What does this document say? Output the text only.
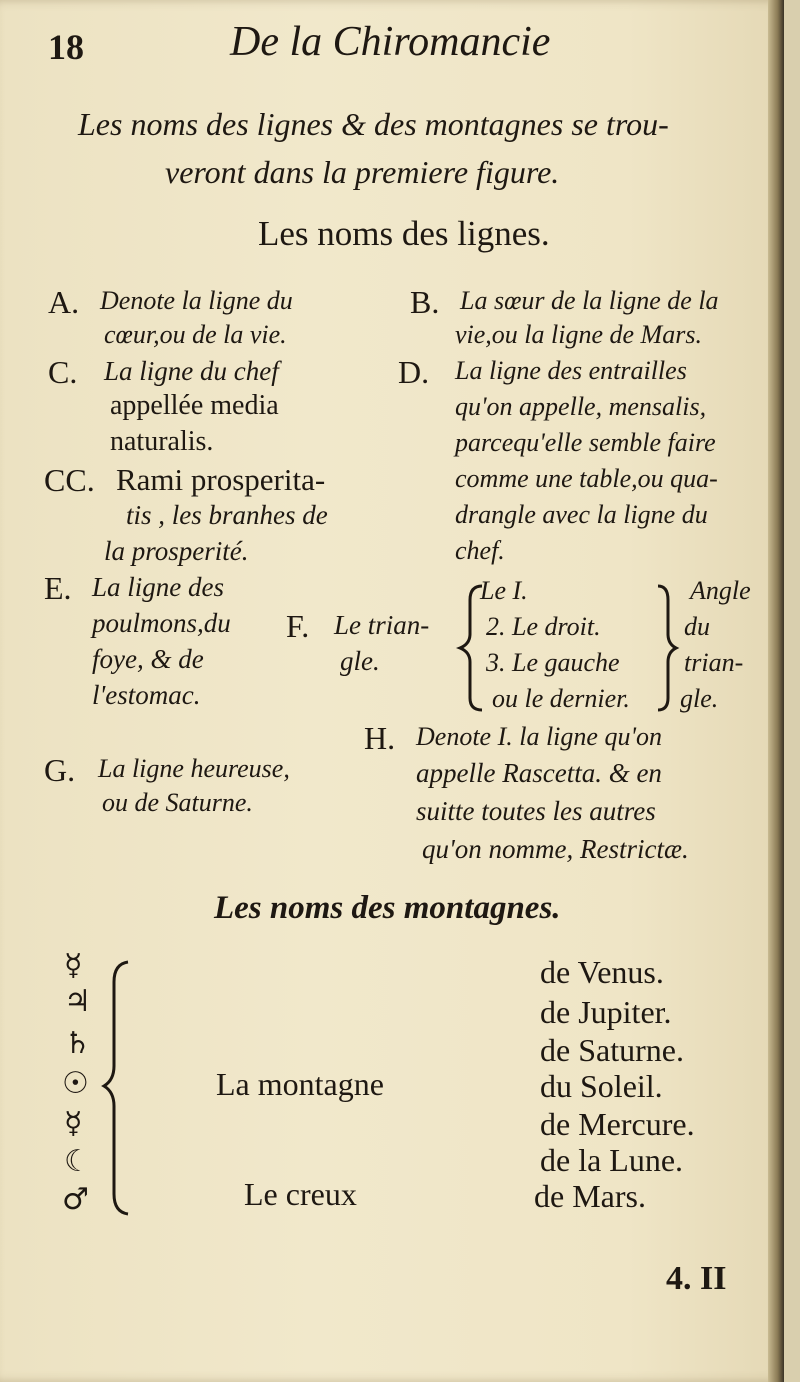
18	De la Chiromancie
Les noms des lignes & des montagnes se trou-
veront dans la premiere figure.
Les noms des lignes.
A. Denote la ligne du
cœur,ou de la vie.
B. La sœur de la ligne de la
vie,ou la ligne de Mars.
C. La ligne du chef
appellée media
naturalis.
D. La ligne des entrailles
qu'on appelle, mensalis,
parcequ'elle semble faire
comme une table,ou qua-
drangle avec la ligne du
chef.
CC. Rami prosperita-
tis , les branhes de
la prosperité.
E. La ligne des
poulmons,du
foye, & de
l'estomac.
F. Le trian-
gle.
Le I.
2. Le droit.
3. Le gauche
ou le dernier.
Angle
du
trian-
gle.
H. Denote I. la ligne qu'on
appelle Rascetta. & en
suitte toutes les autres
qu'on nomme, Restrictæ.
G. La ligne heureuse,
ou de Saturne.
Les noms des montagnes.
☿
♃
♄
☉
☿
☾
♂
La montagne
Le creux
de Venus.
de Jupiter.
de Saturne.
du Soleil.
de Mercure.
de la Lune.
de Mars.
4. II
